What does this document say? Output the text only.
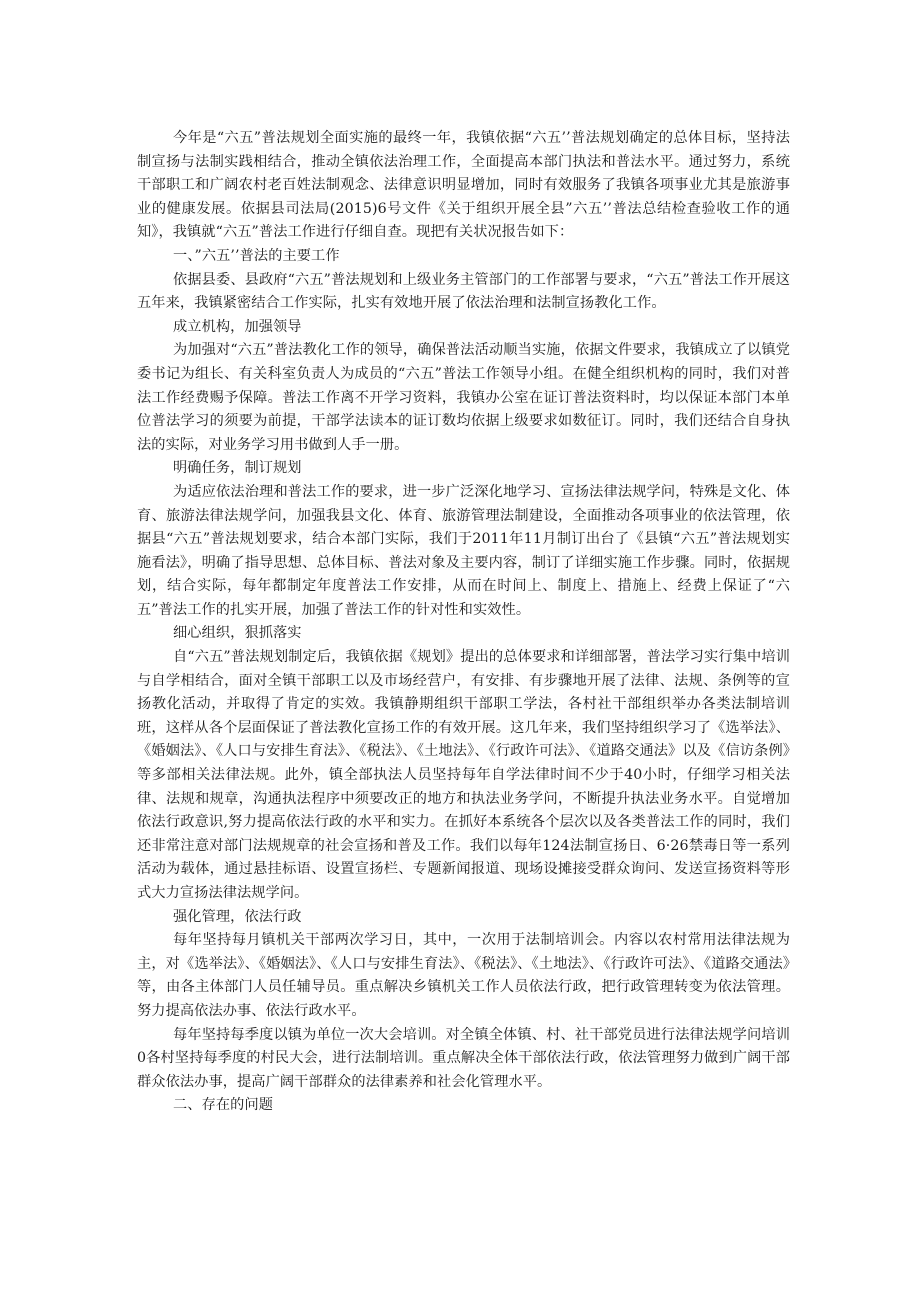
今年是“六五”普法规划全面实施的最终一年，我镇依据“六五’’普法规划确定的总体目标，坚持法制宣扬与法制实践相结合，推动全镇依法治理工作，全面提高本部门执法和普法水平。通过努力，系统干部职工和广阔农村老百姓法制观念、法律意识明显增加，同时有效服务了我镇各项事业尤其是旅游事业的健康发展。依据县司法局(2015)6号文件《关于组织开展全县”六五’’普法总结检查验收工作的通知》，我镇就“六五”普法工作进行仔细自查。现把有关状况报告如下：

一、”六五’’普法的主要工作

依据县委、县政府“六五”普法规划和上级业务主管部门的工作部署与要求，“六五”普法工作开展这五年来，我镇紧密结合工作实际，扎实有效地开展了依法治理和法制宣扬教化工作。

成立机构，加强领导

为加强对“六五”普法教化工作的领导，确保普法活动顺当实施，依据文件要求，我镇成立了以镇党委书记为组长、有关科室负责人为成员的“六五”普法工作领导小组。在健全组织机构的同时，我们对普法工作经费赐予保障。普法工作离不开学习资料，我镇办公室在证订普法资料时，均以保证本部门本单位普法学习的须要为前提，干部学法读本的证订数均依据上级要求如数征订。同时，我们还结合自身执法的实际，对业务学习用书做到人手一册。

明确任务，制订规划

为适应依法治理和普法工作的要求，进一步广泛深化地学习、宣扬法律法规学问，特殊是文化、体育、旅游法律法规学问，加强我县文化、体育、旅游管理法制建设，全面推动各项事业的依法管理，依据县“六五”普法规划要求，结合本部门实际，我们于2011年11月制订出台了《县镇“六五”普法规划实施看法》，明确了指导思想、总体目标、普法对象及主要内容，制订了详细实施工作步骤。同时，依据规划，结合实际，每年都制定年度普法工作安排，从而在时间上、制度上、措施上、经费上保证了“六五”普法工作的扎实开展，加强了普法工作的针对性和实效性。

细心组织，狠抓落实

自“六五”普法规划制定后，我镇依据《规划》提出的总体要求和详细部署，普法学习实行集中培训与自学相结合，面对全镇干部职工以及市场经营户，有安排、有步骤地开展了法律、法规、条例等的宣扬教化活动，并取得了肯定的实效。我镇静期组织干部职工学法，各村社干部组织举办各类法制培训班，这样从各个层面保证了普法教化宣扬工作的有效开展。这几年来，我们坚持组织学习了《选举法》、《婚姻法》、《人口与安排生育法》、《税法》、《土地法》、《行政许可法》、《道路交通法》以及《信访条例》等多部相关法律法规。此外，镇全部执法人员坚持每年自学法律时间不少于40小时，仔细学习相关法律、法规和规章，沟通执法程序中须要改正的地方和执法业务学问，不断提升执法业务水平。自觉增加依法行政意识,努力提高依法行政的水平和实力。在抓好本系统各个层次以及各类普法工作的同时，我们还非常注意对部门法规规章的社会宣扬和普及工作。我们以每年124法制宣扬日、6·26禁毒日等一系列活动为载体，通过悬挂标语、设置宣扬栏、专题新闻报道、现场设摊接受群众询问、发送宣扬资料等形式大力宣扬法律法规学问。

强化管理，依法行政

每年坚持每月镇机关干部两次学习日，其中，一次用于法制培训会。内容以农村常用法律法规为主，对《选举法》、《婚姻法》、《人口与安排生育法》、《税法》、《土地法》、《行政许可法》、《道路交通法》等，由各主体部门人员任辅导员。重点解决乡镇机关工作人员依法行政，把行政管理转变为依法管理。努力提高依法办事、依法行政水平。

每年坚持每季度以镇为单位一次大会培训。对全镇全体镇、村、社干部党员进行法律法规学问培训0各村坚持每季度的村民大会，进行法制培训。重点解决全体干部依法行政，依法管理努力做到广阔干部群众依法办事，提高广阔干部群众的法律素养和社会化管理水平。

二、存在的问题
